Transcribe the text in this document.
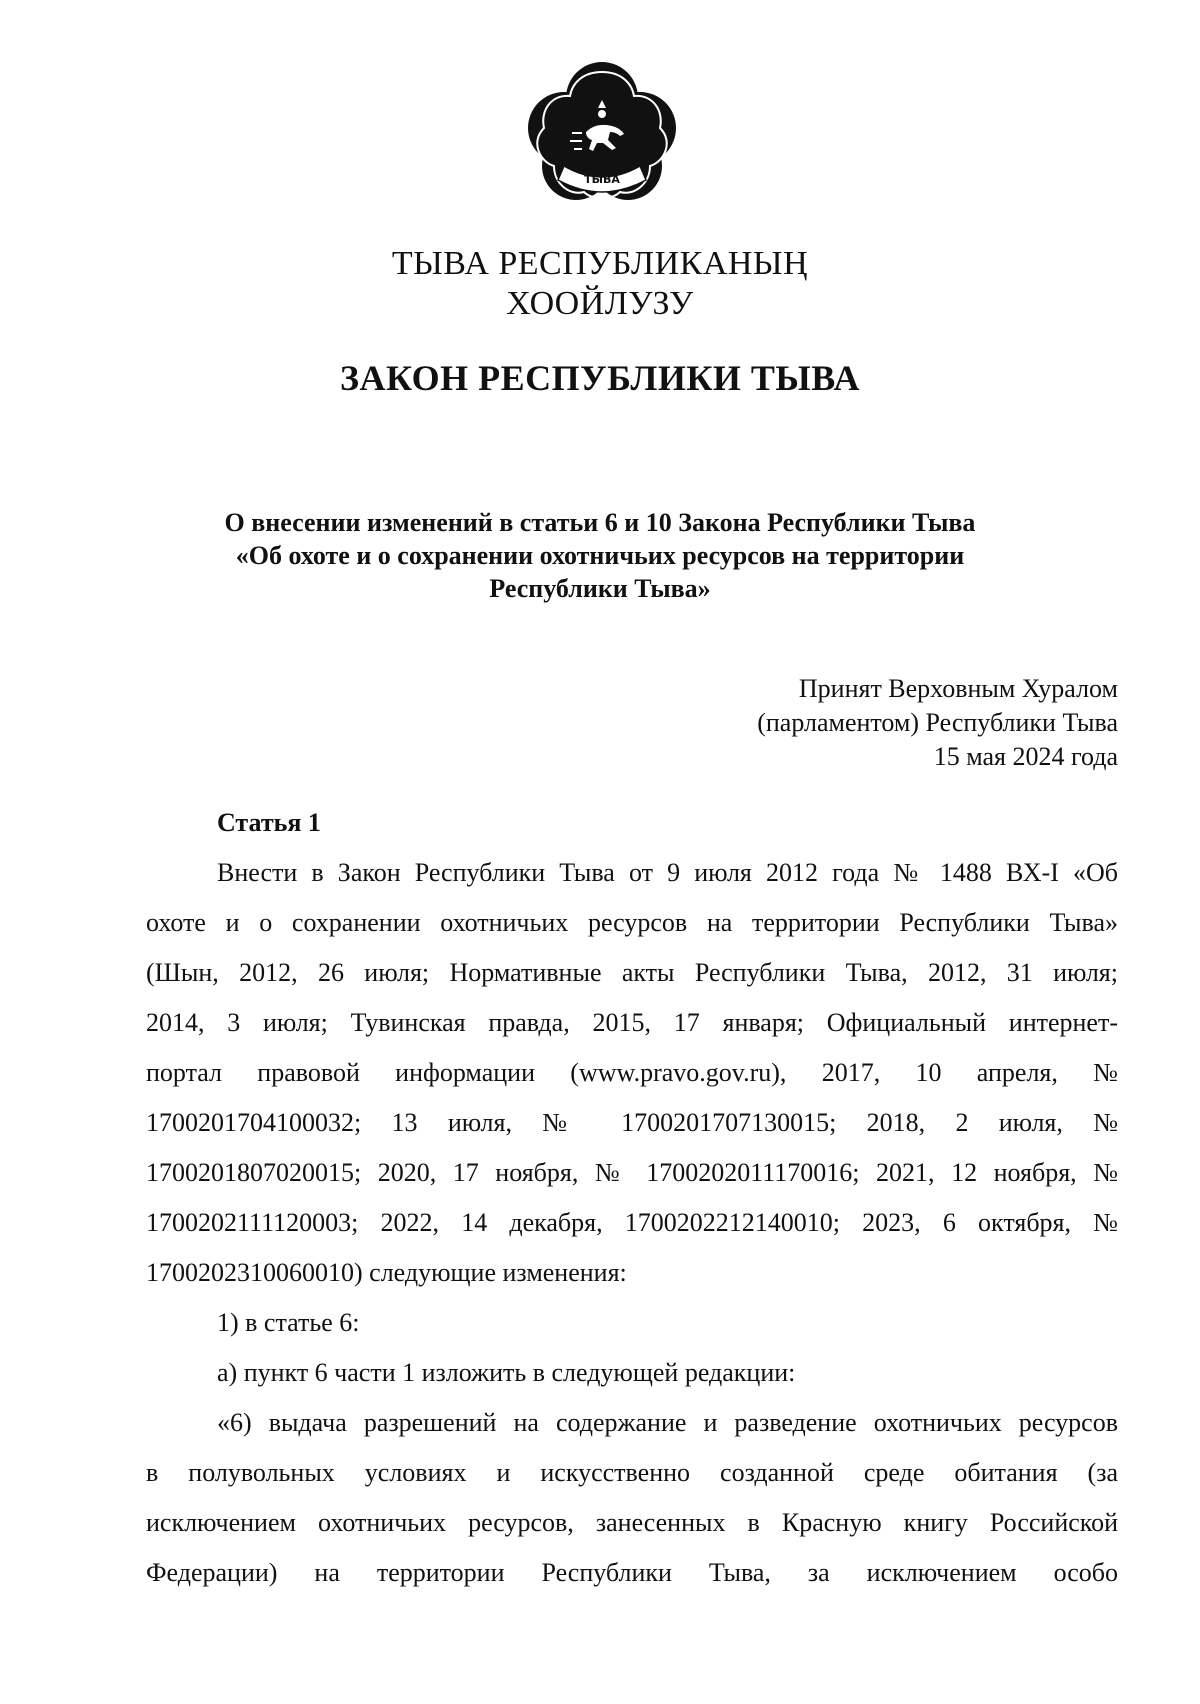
ТЫВА
ТЫВА РЕСПУБЛИКАНЫҢ
ХООЙЛУЗУ
ЗАКОН РЕСПУБЛИКИ ТЫВА
О внесении изменений в статьи 6 и 10 Закона Республики Тыва
«Об охоте и о сохранении охотничьих ресурсов на территории
Республики Тыва»
Принят Верховным Хуралом
(парламентом) Республики Тыва
15 мая 2024 года
Статья 1
Внести в Закон Республики Тыва от 9 июля 2012 года № 1488 ВХ-I «Об
охоте и о сохранении охотничьих ресурсов на территории Республики Тыва»
(Шын, 2012, 26 июля; Нормативные акты Республики Тыва, 2012, 31 июля;
2014, 3 июля; Тувинская правда, 2015, 17 января; Официальный интернет-
портал правовой информации (www.pravo.gov.ru), 2017, 10 апреля, №
1700201704100032; 13 июля, № 1700201707130015; 2018, 2 июля, №
1700201807020015; 2020, 17 ноября, № 1700202011170016; 2021, 12 ноября, №
1700202111120003; 2022, 14 декабря, 1700202212140010; 2023, 6 октября, №
1700202310060010) следующие изменения:
1) в статье 6:
а) пункт 6 части 1 изложить в следующей редакции:
«6) выдача разрешений на содержание и разведение охотничьих ресурсов
в полувольных условиях и искусственно созданной среде обитания (за
исключением охотничьих ресурсов, занесенных в Красную книгу Российской
Федерации) на территории Республики Тыва, за исключением особо
